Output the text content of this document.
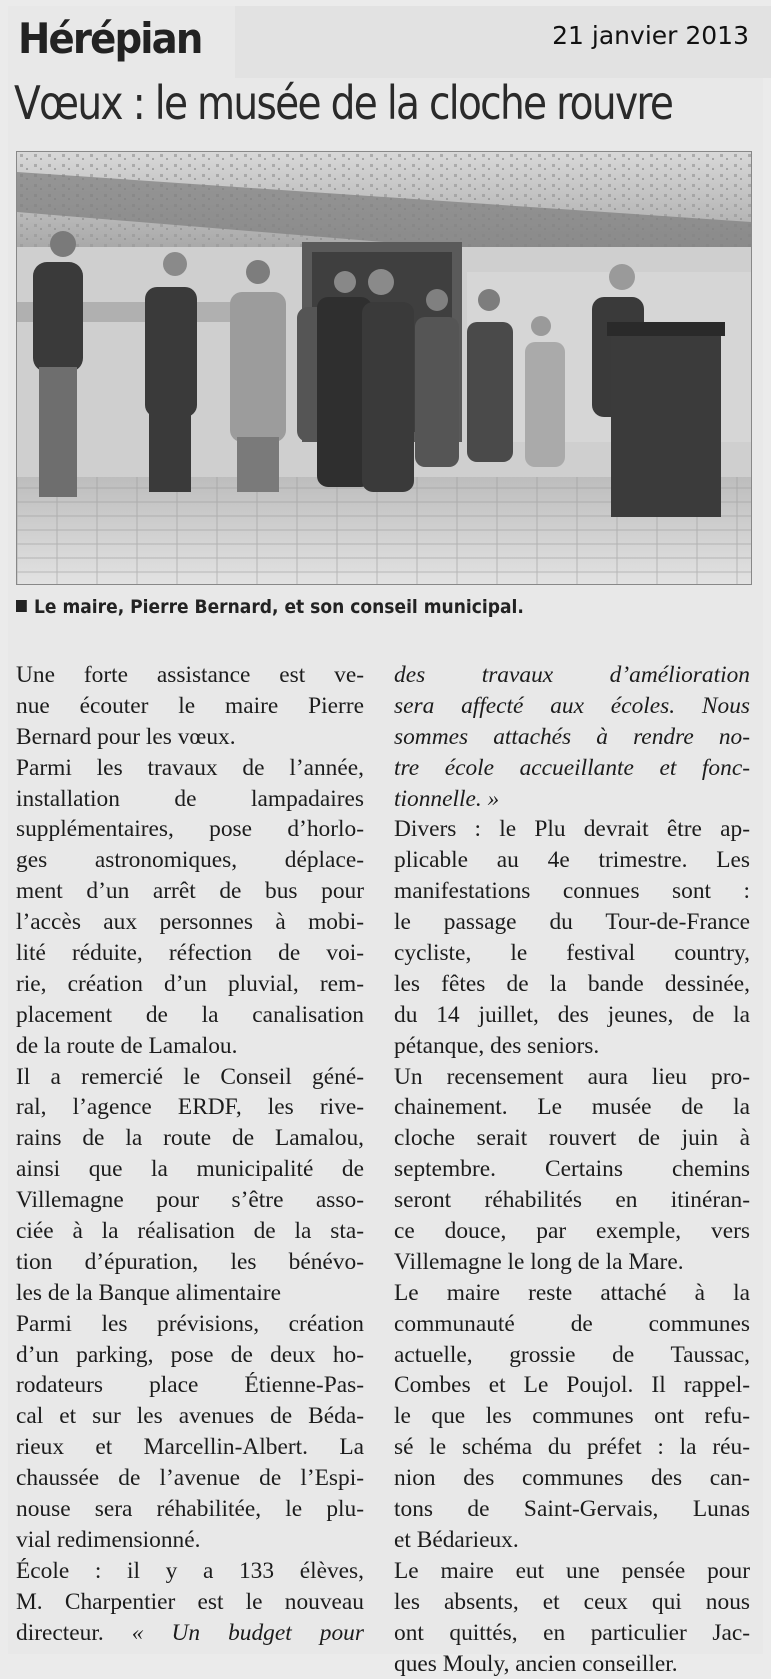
21 janvier 2013
Hérépian
Vœux : le musée de la cloche rouvre
Le maire, Pierre Bernard, et son conseil municipal.
Une forte assistance est ve-
nue écouter le maire Pierre
Bernard pour les vœux.
Parmi les travaux de l’année,
installation de lampadaires
supplémentaires, pose d’horlo-
ges astronomiques, déplace-
ment d’un arrêt de bus pour
l’accès aux personnes à mobi-
lité réduite, réfection de voi-
rie, création d’un pluvial, rem-
placement de la canalisation
de la route de Lamalou.
Il a remercié le Conseil géné-
ral, l’agence ERDF, les rive-
rains de la route de Lamalou,
ainsi que la municipalité de
Villemagne pour s’être asso-
ciée à la réalisation de la sta-
tion d’épuration, les bénévo-
les de la Banque alimentaire
Parmi les prévisions, création
d’un parking, pose de deux ho-
rodateurs place Étienne-Pas-
cal et sur les avenues de Béda-
rieux et Marcellin-Albert. La
chaussée de l’avenue de l’Espi-
nouse sera réhabilitée, le plu-
vial redimensionné.
École : il y a 133 élèves,
M. Charpentier est le nouveau
directeur. « Un budget pour
des travaux d’amélioration
sera affecté aux écoles. Nous
sommes attachés à rendre no-
tre école accueillante et fonc-
tionnelle. »
Divers : le Plu devrait être ap-
plicable au 4e trimestre. Les
manifestations connues sont :
le passage du Tour-de-France
cycliste, le festival country,
les fêtes de la bande dessinée,
du 14 juillet, des jeunes, de la
pétanque, des seniors.
Un recensement aura lieu pro-
chainement. Le musée de la
cloche serait rouvert de juin à
septembre. Certains chemins
seront réhabilités en itinéran-
ce douce, par exemple, vers
Villemagne le long de la Mare.
Le maire reste attaché à la
communauté de communes
actuelle, grossie de Taussac,
Combes et Le Poujol. Il rappel-
le que les communes ont refu-
sé le schéma du préfet : la réu-
nion des communes des can-
tons de Saint-Gervais, Lunas
et Bédarieux.
Le maire eut une pensée pour
les absents, et ceux qui nous
ont quittés, en particulier Jac-
ques Mouly, ancien conseiller.
